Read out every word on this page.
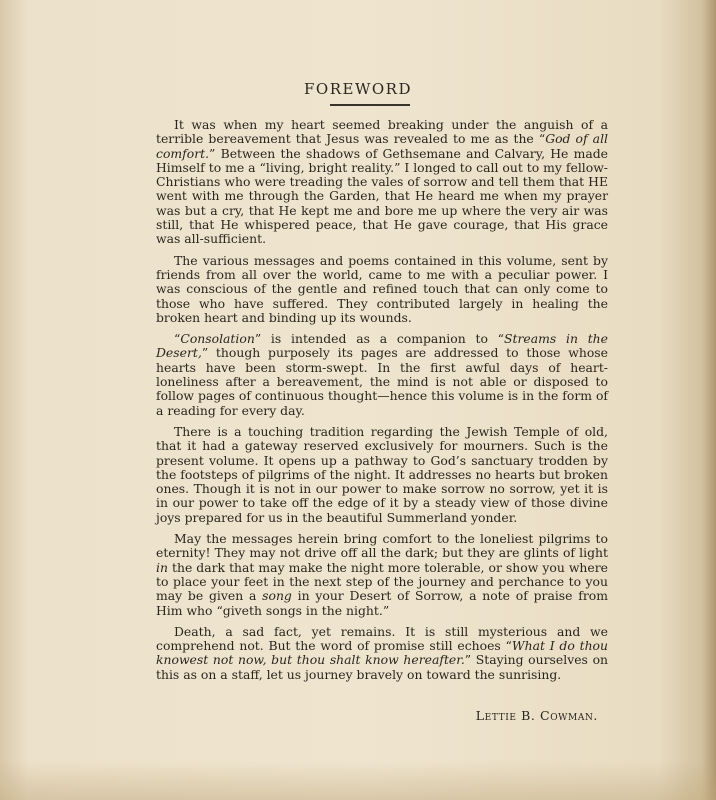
FOREWORD

It was when my heart seemed breaking under the anguish of a terrible bereavement that Jesus was revealed to me as the “God of all comfort.” Between the shadows of Gethsemane and Calvary, He made Himself to me a “living, bright reality.” I longed to call out to my fellow-Christians who were treading the vales of sorrow and tell them that HE went with me through the Garden, that He heard me when my prayer was but a cry, that He kept me and bore me up where the very air was still, that He whispered peace, that He gave courage, that His grace was all-sufficient.

The various messages and poems contained in this volume, sent by friends from all over the world, came to me with a peculiar power. I was conscious of the gentle and refined touch that can only come to those who have suffered. They contributed largely in healing the broken heart and binding up its wounds.

“Consolation” is intended as a companion to “Streams in the Desert,” though purposely its pages are addressed to those whose hearts have been storm-swept. In the first awful days of heart-loneliness after a bereavement, the mind is not able or disposed to follow pages of continuous thought—hence this volume is in the form of a reading for every day.

There is a touching tradition regarding the Jewish Temple of old, that it had a gateway reserved exclusively for mourners. Such is the present volume. It opens up a pathway to God’s sanctuary trodden by the footsteps of pilgrims of the night. It addresses no hearts but broken ones. Though it is not in our power to make sorrow no sorrow, yet it is in our power to take off the edge of it by a steady view of those divine joys prepared for us in the beautiful Summerland yonder.

May the messages herein bring comfort to the loneliest pilgrims to eternity! They may not drive off all the dark; but they are glints of light in the dark that may make the night more tolerable, or show you where to place your feet in the next step of the journey and perchance to you may be given a song in your Desert of Sorrow, a note of praise from Him who “giveth songs in the night.”

Death, a sad fact, yet remains. It is still mysterious and we comprehend not. But the word of promise still echoes “What I do thou knowest not now, but thou shalt know hereafter.” Staying ourselves on this as on a staff, let us journey bravely on toward the sunrising.

Lettie B. Cowman.
